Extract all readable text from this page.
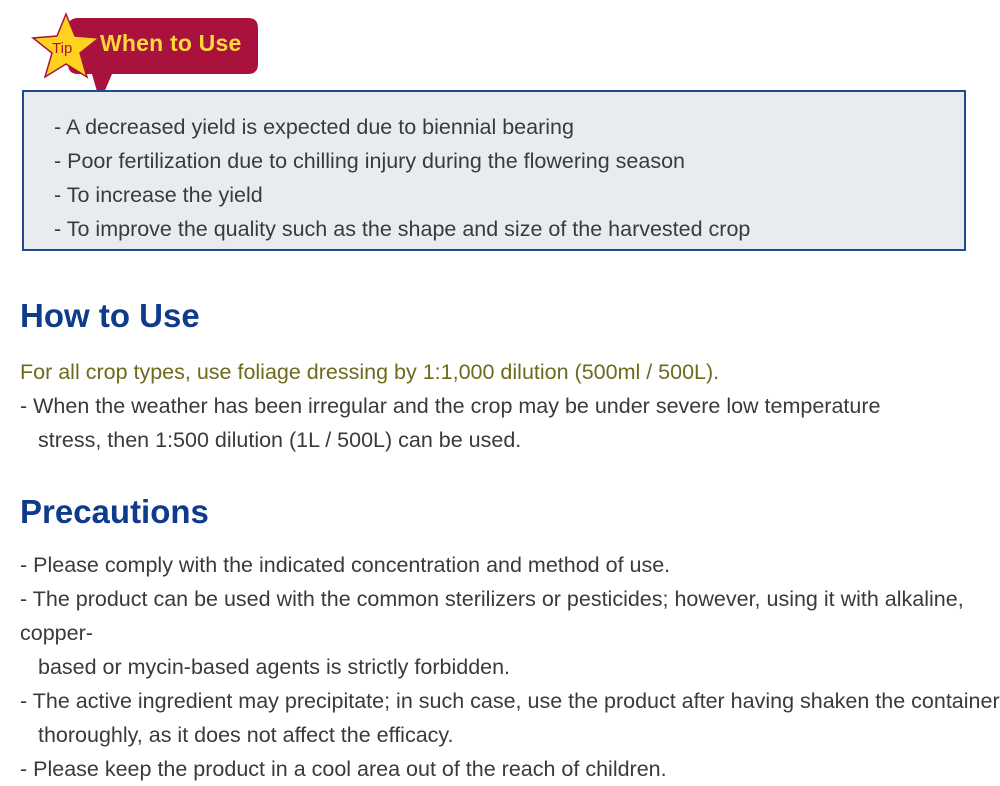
Tip When to Use
- A decreased yield is expected due to biennial bearing
- Poor fertilization due to chilling injury during the flowering season
- To increase the yield
- To improve the quality such as the shape and size of the harvested crop
How to Use
For all crop types, use foliage dressing by 1:1,000 dilution (500ml / 500L).
- When the weather has been irregular and the crop may be under severe low temperature
stress, then 1:500 dilution (1L / 500L) can be used.
Precautions
- Please comply with the indicated concentration and method of use.
- The product can be used with the common sterilizers or pesticides; however, using it with alkaline, copper-
based or mycin-based agents is strictly forbidden.
- The active ingredient may precipitate; in such case, use the product after having shaken the container
thoroughly, as it does not affect the efficacy.
- Please keep the product in a cool area out of the reach of children.
